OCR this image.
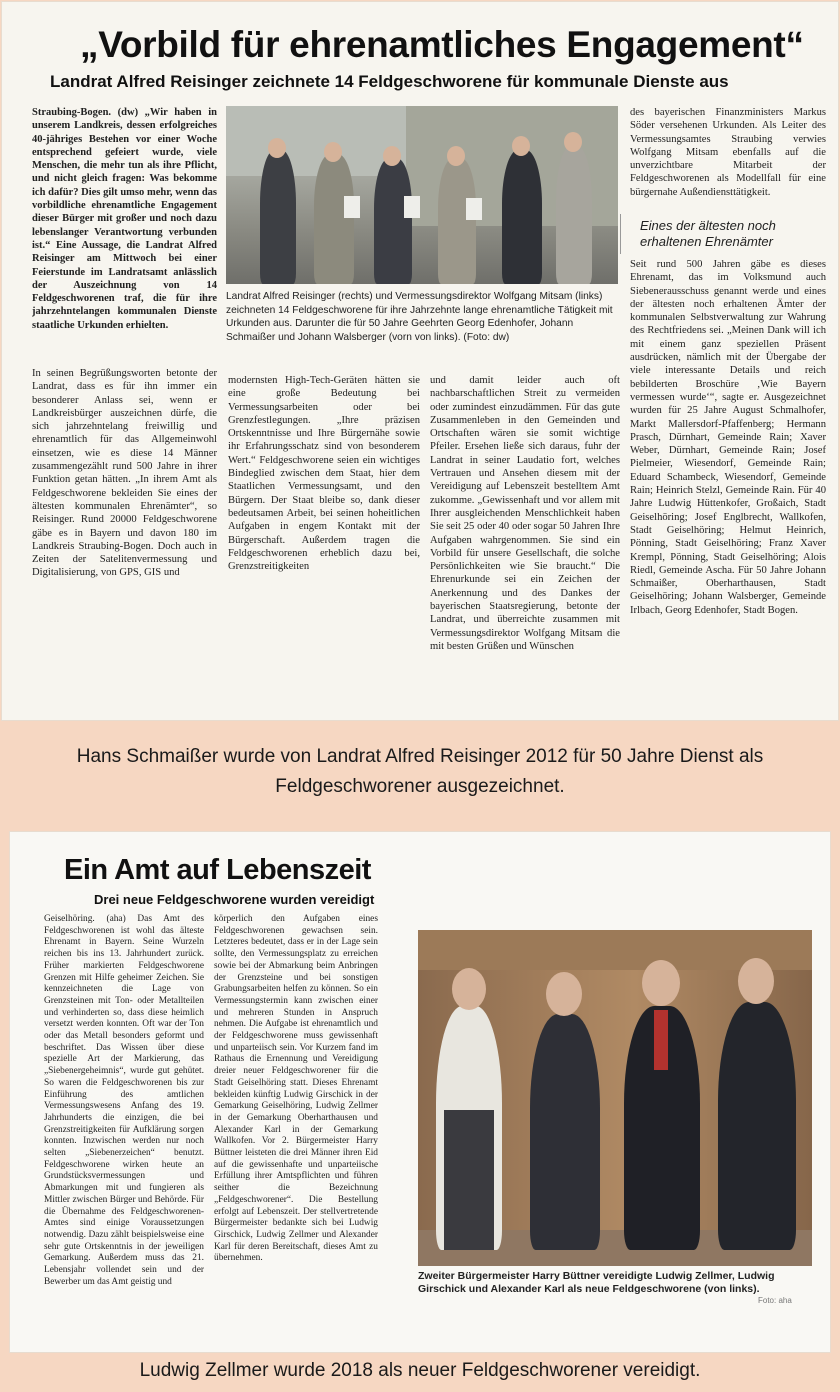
„Vorbild für ehrenamtliches Engagement“
Landrat Alfred Reisinger zeichnete 14 Feldgeschworene für kommunale Dienste aus
Straubing-Bogen. (dw) „Wir haben in unserem Landkreis, dessen erfolgreiches 40-jähriges Bestehen vor einer Woche entsprechend gefeiert wurde, viele Menschen, die mehr tun als ihre Pflicht, und nicht gleich fragen: Was bekomme ich dafür? Dies gilt umso mehr, wenn das vorbildliche ehrenamtliche Engagement dieser Bürger mit großer und noch dazu lebenslanger Verantwortung verbunden ist.“ Eine Aussage, die Landrat Alfred Reisinger am Mittwoch bei einer Feierstunde im Landratsamt anlässlich der Auszeichnung von 14 Feldgeschworenen traf, die für ihre jahrzehntelangen kommunalen Dienste staatliche Urkunden erhielten.
Landrat Alfred Reisinger (rechts) und Vermessungsdirektor Wolfgang Mitsam (links) zeichneten 14 Feldgeschworene für ihre Jahrzehnte lange ehrenamtliche Tätigkeit mit Urkunden aus. Darunter die für 50 Jahre Geehrten Georg Edenhofer, Johann Schmaißer und Johann Walsberger (vorn von links). (Foto: dw)
In seinen Begrüßungsworten betonte der Landrat, dass es für ihn immer ein besonderer Anlass sei, wenn er Landkreisbürger auszeichnen dürfe, die sich jahrzehntelang freiwillig und ehrenamtlich für das Allgemeinwohl einsetzen, wie es diese 14 Männer zusammengezählt rund 500 Jahre in ihrer Funktion getan hätten. „In ihrem Amt als Feldgeschworene bekleiden Sie eines der ältesten kommunalen Ehrenämter“, so Reisinger. Rund 20000 Feldgeschworene gäbe es in Bayern und davon 180 im Landkreis Straubing-Bogen. Doch auch in Zeiten der Satelitenvermessung und Digitalisierung, von GPS, GIS und
modernsten High-Tech-Geräten hätten sie eine große Bedeutung bei Vermessungsarbeiten oder bei Grenzfestlegungen. „Ihre präzisen Ortskenntnisse und Ihre Bürgernähe sowie ihr Erfahrungsschatz sind von besonderem Wert.“ Feldgeschworene seien ein wichtiges Bindeglied zwischen dem Staat, hier dem Staatlichen Vermessungsamt, und den Bürgern. Der Staat bleibe so, dank dieser bedeutsamen Arbeit, bei seinen hoheitlichen Aufgaben in engem Kontakt mit der Bürgerschaft. Außerdem tragen die Feldgeschworenen erheblich dazu bei, Grenzstreitigkeiten
und damit leider auch oft nachbarschaftlichen Streit zu vermeiden oder zumindest einzudämmen. Für das gute Zusammenleben in den Gemeinden und Ortschaften wären sie somit wichtige Pfeiler. Ersehen ließe sich daraus, fuhr der Landrat in seiner Laudatio fort, welches Vertrauen und Ansehen diesem mit der Vereidigung auf Lebenszeit bestelltem Amt zukomme. „Gewissenhaft und vor allem mit Ihrer ausgleichenden Menschlichkeit haben Sie seit 25 oder 40 oder sogar 50 Jahren Ihre Aufgaben wahrgenommen. Sie sind ein Vorbild für unsere Gesellschaft, die solche Persönlichkeiten wie Sie braucht.“ Die Ehrenurkunde sei ein Zeichen der Anerkennung und des Dankes der bayerischen Staatsregierung, betonte der Landrat, und überreichte zusammen mit Vermessungsdirektor Wolfgang Mitsam die mit besten Grüßen und Wünschen
des bayerischen Finanzministers Markus Söder versehenen Urkunden. Als Leiter des Vermessungsamtes Straubing verwies Wolfgang Mitsam ebenfalls auf die unverzichtbare Mitarbeit der Feldgeschworenen als Modellfall für eine bürgernahe Außendiensttätigkeit.
Eines der ältesten noch erhaltenen Ehrenämter
Seit rund 500 Jahren gäbe es dieses Ehrenamt, das im Volksmund auch Siebenerausschuss genannt werde und eines der ältesten noch erhaltenen Ämter der kommunalen Selbstverwaltung zur Wahrung des Rechtfriedens sei. „Meinen Dank will ich mit einem ganz speziellen Präsent ausdrücken, nämlich mit der Übergabe der viele interessante Details und reich bebilderten Broschüre ‚Wie Bayern vermessen wurde‘“, sagte er. Ausgezeichnet wurden für 25 Jahre August Schmalhofer, Markt Mallersdorf-Pfaffenberg; Hermann Prasch, Dürnhart, Gemeinde Rain; Xaver Weber, Dürnhart, Gemeinde Rain; Josef Pielmeier, Wiesendorf, Gemeinde Rain; Eduard Schambeck, Wiesendorf, Gemeinde Rain; Heinrich Stelzl, Gemeinde Rain. Für 40 Jahre Ludwig Hüttenkofer, Großaich, Stadt Geiselhöring; Josef Englbrecht, Wallkofen, Stadt Geiselhöring; Helmut Heinrich, Pönning, Stadt Geiselhöring; Franz Xaver Krempl, Pönning, Stadt Geiselhöring; Alois Riedl, Gemeinde Ascha. Für 50 Jahre Johann Schmaißer, Oberharthausen, Stadt Geiselhöring; Johann Walsberger, Gemeinde Irlbach, Georg Edenhofer, Stadt Bogen.
Hans Schmaißer wurde von Landrat Alfred Reisinger 2012 für 50 Jahre Dienst als Feldgeschworener ausgezeichnet.
Ein Amt auf Lebenszeit
Drei neue Feldgeschworene wurden vereidigt
Geiselhöring. (aha) Das Amt des Feldgeschworenen ist wohl das älteste Ehrenamt in Bayern. Seine Wurzeln reichen bis ins 13. Jahrhundert zurück. Früher markierten Feldgeschworene Grenzen mit Hilfe geheimer Zeichen. Sie kennzeichneten die Lage von Grenzsteinen mit Ton- oder Metallteilen und verhinderten so, dass diese heimlich versetzt werden konnten. Oft war der Ton oder das Metall besonders geformt und beschriftet. Das Wissen über diese spezielle Art der Markierung, das „Siebenergeheimnis“, wurde gut gehütet. So waren die Feldgeschworenen bis zur Einführung des amtlichen Vermessungswesens Anfang des 19. Jahrhunderts die einzigen, die bei Grenzstreitigkeiten für Aufklärung sorgen konnten. Inzwischen werden nur noch selten „Siebenerzeichen“ benutzt. Feldgeschworene wirken heute an Grundstücksvermessungen und Abmarkungen mit und fungieren als Mittler zwischen Bürger und Behörde. Für die Übernahme des Feldgeschworenen-Amtes sind einige Voraussetzungen notwendig. Dazu zählt beispielsweise eine sehr gute Ortskenntnis in der jeweiligen Gemarkung. Außerdem muss das 21. Lebensjahr vollendet sein und der Bewerber um das Amt geistig und
körperlich den Aufgaben eines Feldgeschworenen gewachsen sein. Letzteres bedeutet, dass er in der Lage sein sollte, den Vermessungsplatz zu erreichen sowie bei der Abmarkung beim Anbringen der Grenzsteine und bei sonstigen Grabungsarbeiten helfen zu können. So ein Vermessungstermin kann zwischen einer und mehreren Stunden in Anspruch nehmen. Die Aufgabe ist ehrenamtlich und der Feldgeschworene muss gewissenhaft und unparteiisch sein. Vor Kurzem fand im Rathaus die Ernennung und Vereidigung dreier neuer Feldgeschworener für die Stadt Geiselhöring statt. Dieses Ehrenamt bekleiden künftig Ludwig Girschick in der Gemarkung Geiselhöring, Ludwig Zellmer in der Gemarkung Oberharthausen und Alexander Karl in der Gemarkung Wallkofen. Vor 2. Bürgermeister Harry Büttner leisteten die drei Männer ihren Eid auf die gewissenhafte und unparteiische Erfüllung ihrer Amtspflichten und führen seither die Bezeichnung „Feldgeschworener“. Die Bestellung erfolgt auf Lebenszeit. Der stellvertretende Bürgermeister bedankte sich bei Ludwig Girschick, Ludwig Zellmer und Alexander Karl für deren Bereitschaft, dieses Amt zu übernehmen.
Zweiter Bürgermeister Harry Büttner vereidigte Ludwig Zellmer, Ludwig Girschick und Alexander Karl als neue Feldgeschworene (von links).
Foto: aha
Ludwig Zellmer wurde 2018 als neuer Feldgeschworener vereidigt.
